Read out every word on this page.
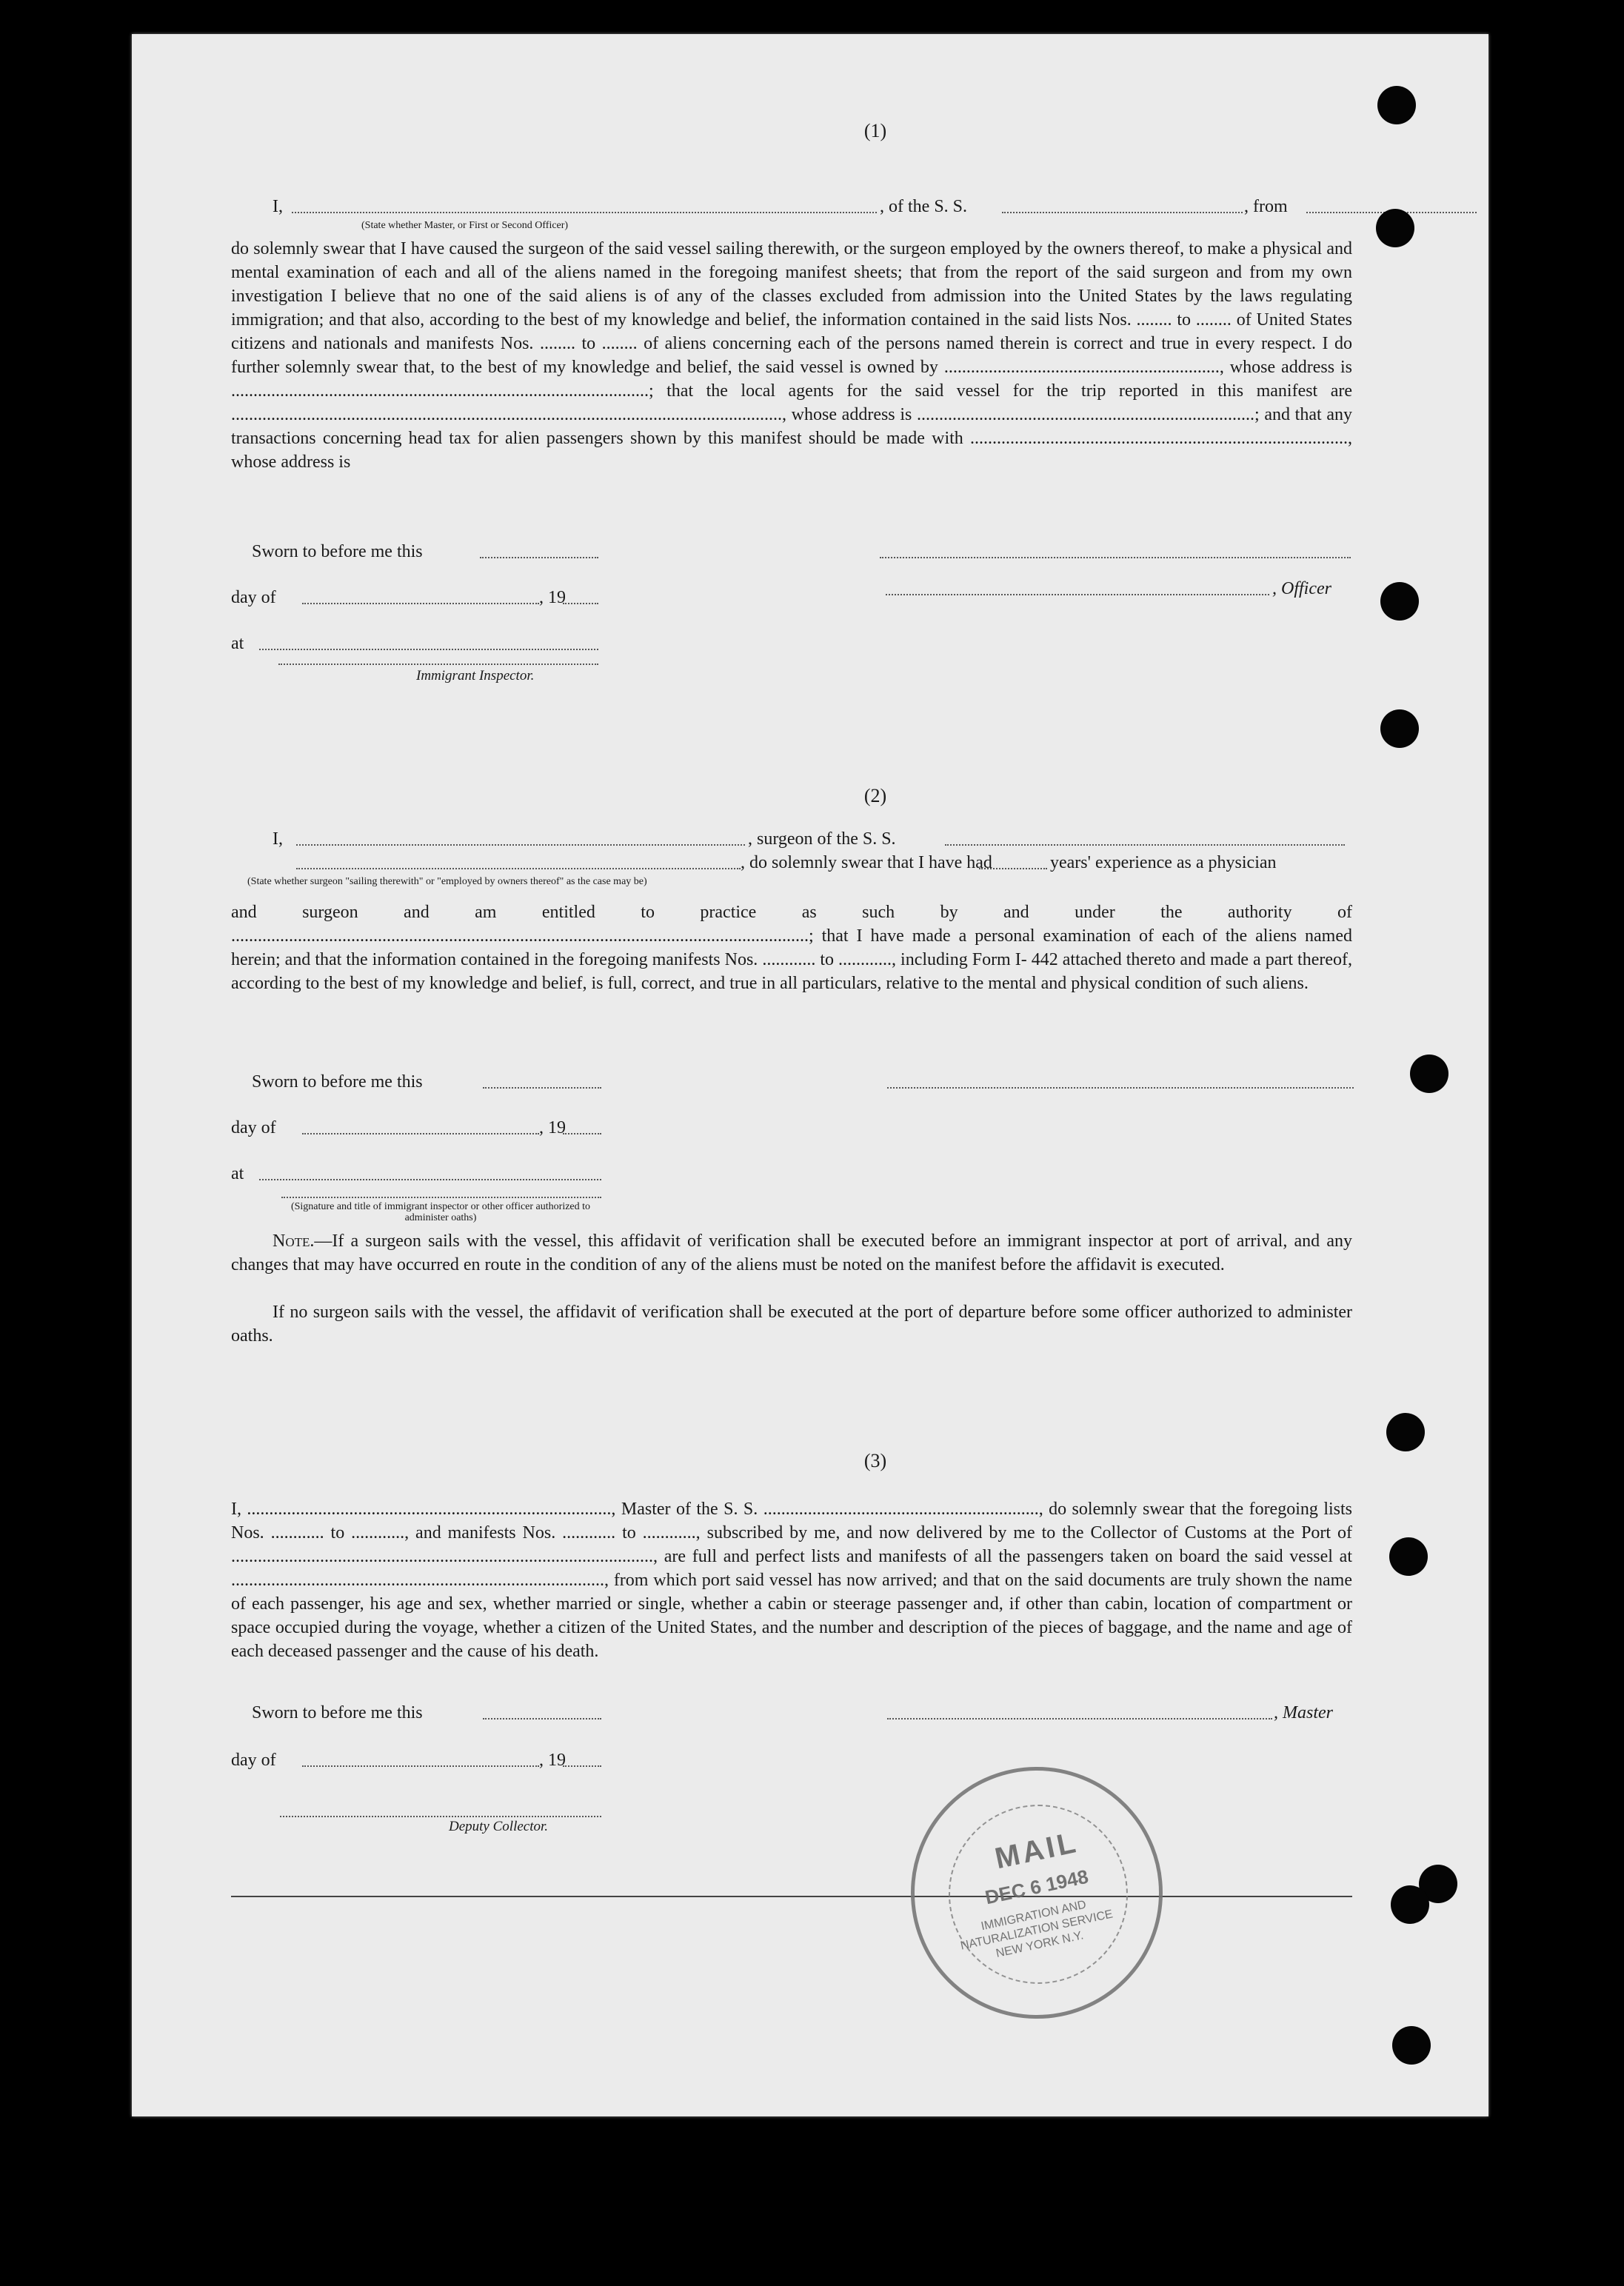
(1)
I,	, of the S. S.	, from
(State whether Master, or First or Second Officer)
do solemnly swear that I have caused the surgeon of the said vessel sailing therewith, or the surgeon employed by the owners thereof, to make a physical and mental examination of each and all of the aliens named in the foregoing manifest sheets; that from the report of the said surgeon and from my own investigation I believe that no one of the said aliens is of any of the classes excluded from admission into the United States by the laws regulating immigration; and that also, according to the best of my knowledge and belief, the information contained in the said lists Nos. ........ to ........ of United States citizens and nationals and manifests Nos. ........ to ........ of aliens concerning each of the persons named therein is correct and true in every respect. I do further solemnly swear that, to the best of my knowledge and belief, the said vessel is owned by .............................................................., whose address is ..............................................................................................; that the local agents for the said vessel for the trip reported in this manifest are ............................................................................................................................, whose address is ............................................................................; and that any transactions concerning head tax for alien passengers shown by this manifest should be made with ....................................................................................., whose address is
Sworn to before me this
day of	, 19	, Officer
at
Immigrant Inspector.
(2)
I,	, surgeon of the S. S.
, do solemnly swear that I have had	years' experience as a physician
(State whether surgeon "sailing therewith" or "employed by owners thereof" as the case may be)
and surgeon and am entitled to practice as such by and under the authority of ..................................................................................................................................; that I have made a personal examination of each of the aliens named herein; and that the information contained in the foregoing manifests Nos. ............ to ............, including Form I- 442 attached thereto and made a part thereof, according to the best of my knowledge and belief, is full, correct, and true in all particulars, relative to the mental and physical condition of such aliens.
Sworn to before me this
day of	, 19
at
(Signature and title of immigrant inspector or other officer authorized to administer oaths)
Note.—If a surgeon sails with the vessel, this affidavit of verification shall be executed before an immigrant inspector at port of arrival, and any changes that may have occurred en route in the condition of any of the aliens must be noted on the manifest before the affidavit is executed.
If no surgeon sails with the vessel, the affidavit of verification shall be executed at the port of departure before some officer authorized to administer oaths.
(3)
I, .................................................................................., Master of the S. S. .............................................................., do solemnly swear that the foregoing lists Nos. ............ to ............, and manifests Nos. ............ to ............, subscribed by me, and now delivered by me to the Collector of Customs at the Port of ..............................................................................................., are full and perfect lists and manifests of all the passengers taken on board the said vessel at ...................................................................................., from which port said vessel has now arrived; and that on the said documents are truly shown the name of each passenger, his age and sex, whether married or single, whether a cabin or steerage passenger and, if other than cabin, location of compartment or space occupied during the voyage, whether a citizen of the United States, and the number and description of the pieces of baggage, and the name and age of each deceased passenger and the cause of his death.
Sworn to before me this	, Master
day of	, 19
Deputy Collector.	MAIL
DEC 6 1948
IMMIGRATION AND NATURALIZATION SERVICE NEW YORK N.Y.
